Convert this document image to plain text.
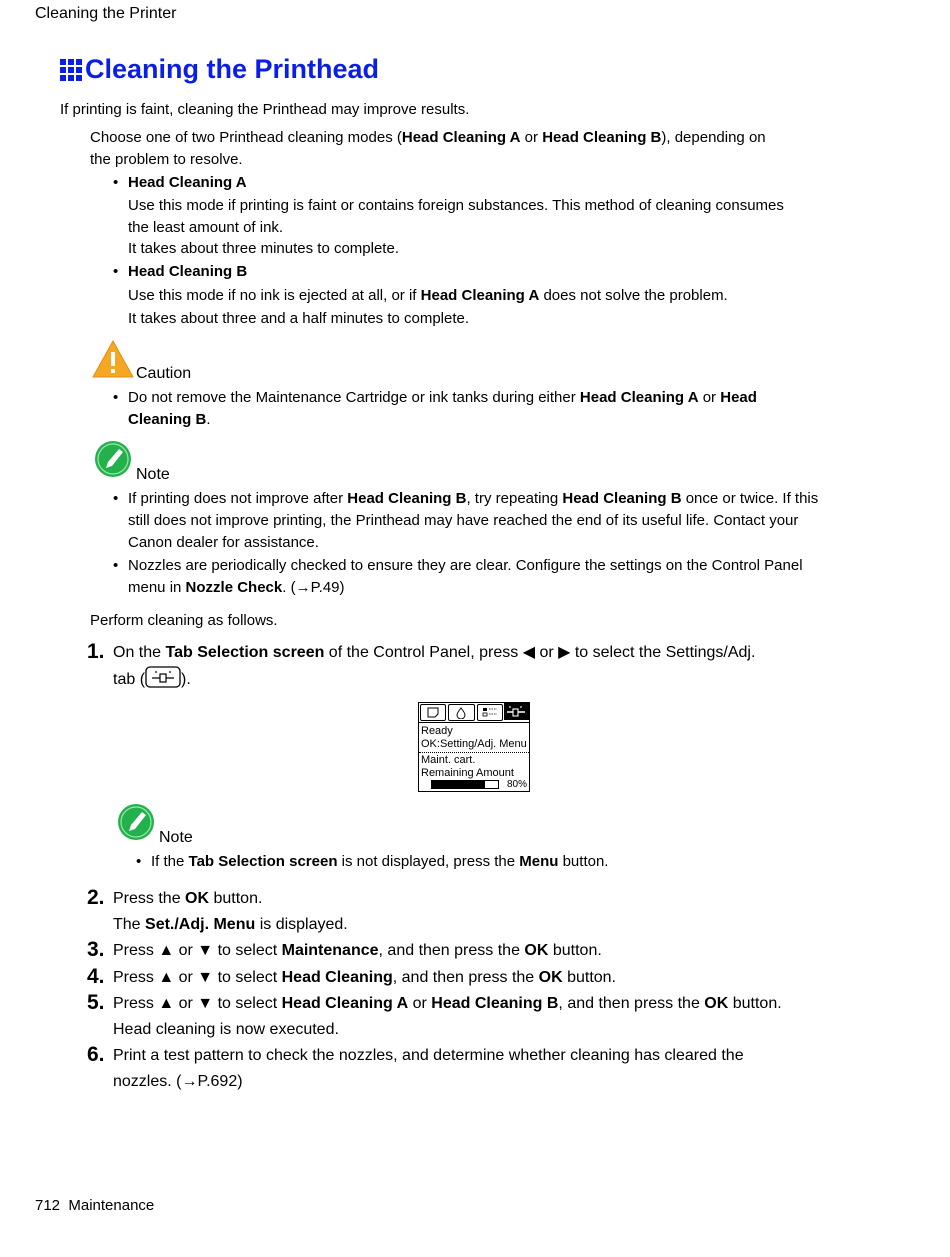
Cleaning the Printer
Cleaning the Printhead
If printing is faint, cleaning the Printhead may improve results.
Choose one of two Printhead cleaning modes (Head Cleaning A or Head Cleaning B), depending on
the problem to resolve.
• Head Cleaning A
Use this mode if printing is faint or contains foreign substances. This method of cleaning consumes
the least amount of ink.
It takes about three minutes to complete.
• Head Cleaning B
Use this mode if no ink is ejected at all, or if Head Cleaning A does not solve the problem.
It takes about three and a half minutes to complete.
Caution
• Do not remove the Maintenance Cartridge or ink tanks during either Head Cleaning A or Head
Cleaning B.
Note
• If printing does not improve after Head Cleaning B, try repeating Head Cleaning B once or twice. If this
still does not improve printing, the Printhead may have reached the end of its useful life. Contact your
Canon dealer for assistance.
• Nozzles are periodically checked to ensure they are clear. Configure the settings on the Control Panel
menu in Nozzle Check. (→P.49)
Perform cleaning as follows.
1. On the Tab Selection screen of the Control Panel, press ◀ or ▶ to select the Settings/Adj.
tab ( ).
Ready
OK:Setting/Adj. Menu
Maint. cart.
Remaining Amount
80%
Note
• If the Tab Selection screen is not displayed, press the Menu button.
2. Press the OK button.
The Set./Adj. Menu is displayed.
3. Press ▲ or ▼ to select Maintenance, and then press the OK button.
4. Press ▲ or ▼ to select Head Cleaning, and then press the OK button.
5. Press ▲ or ▼ to select Head Cleaning A or Head Cleaning B, and then press the OK button.
Head cleaning is now executed.
6. Print a test pattern to check the nozzles, and determine whether cleaning has cleared the
nozzles. (→P.692)
712 Maintenance
